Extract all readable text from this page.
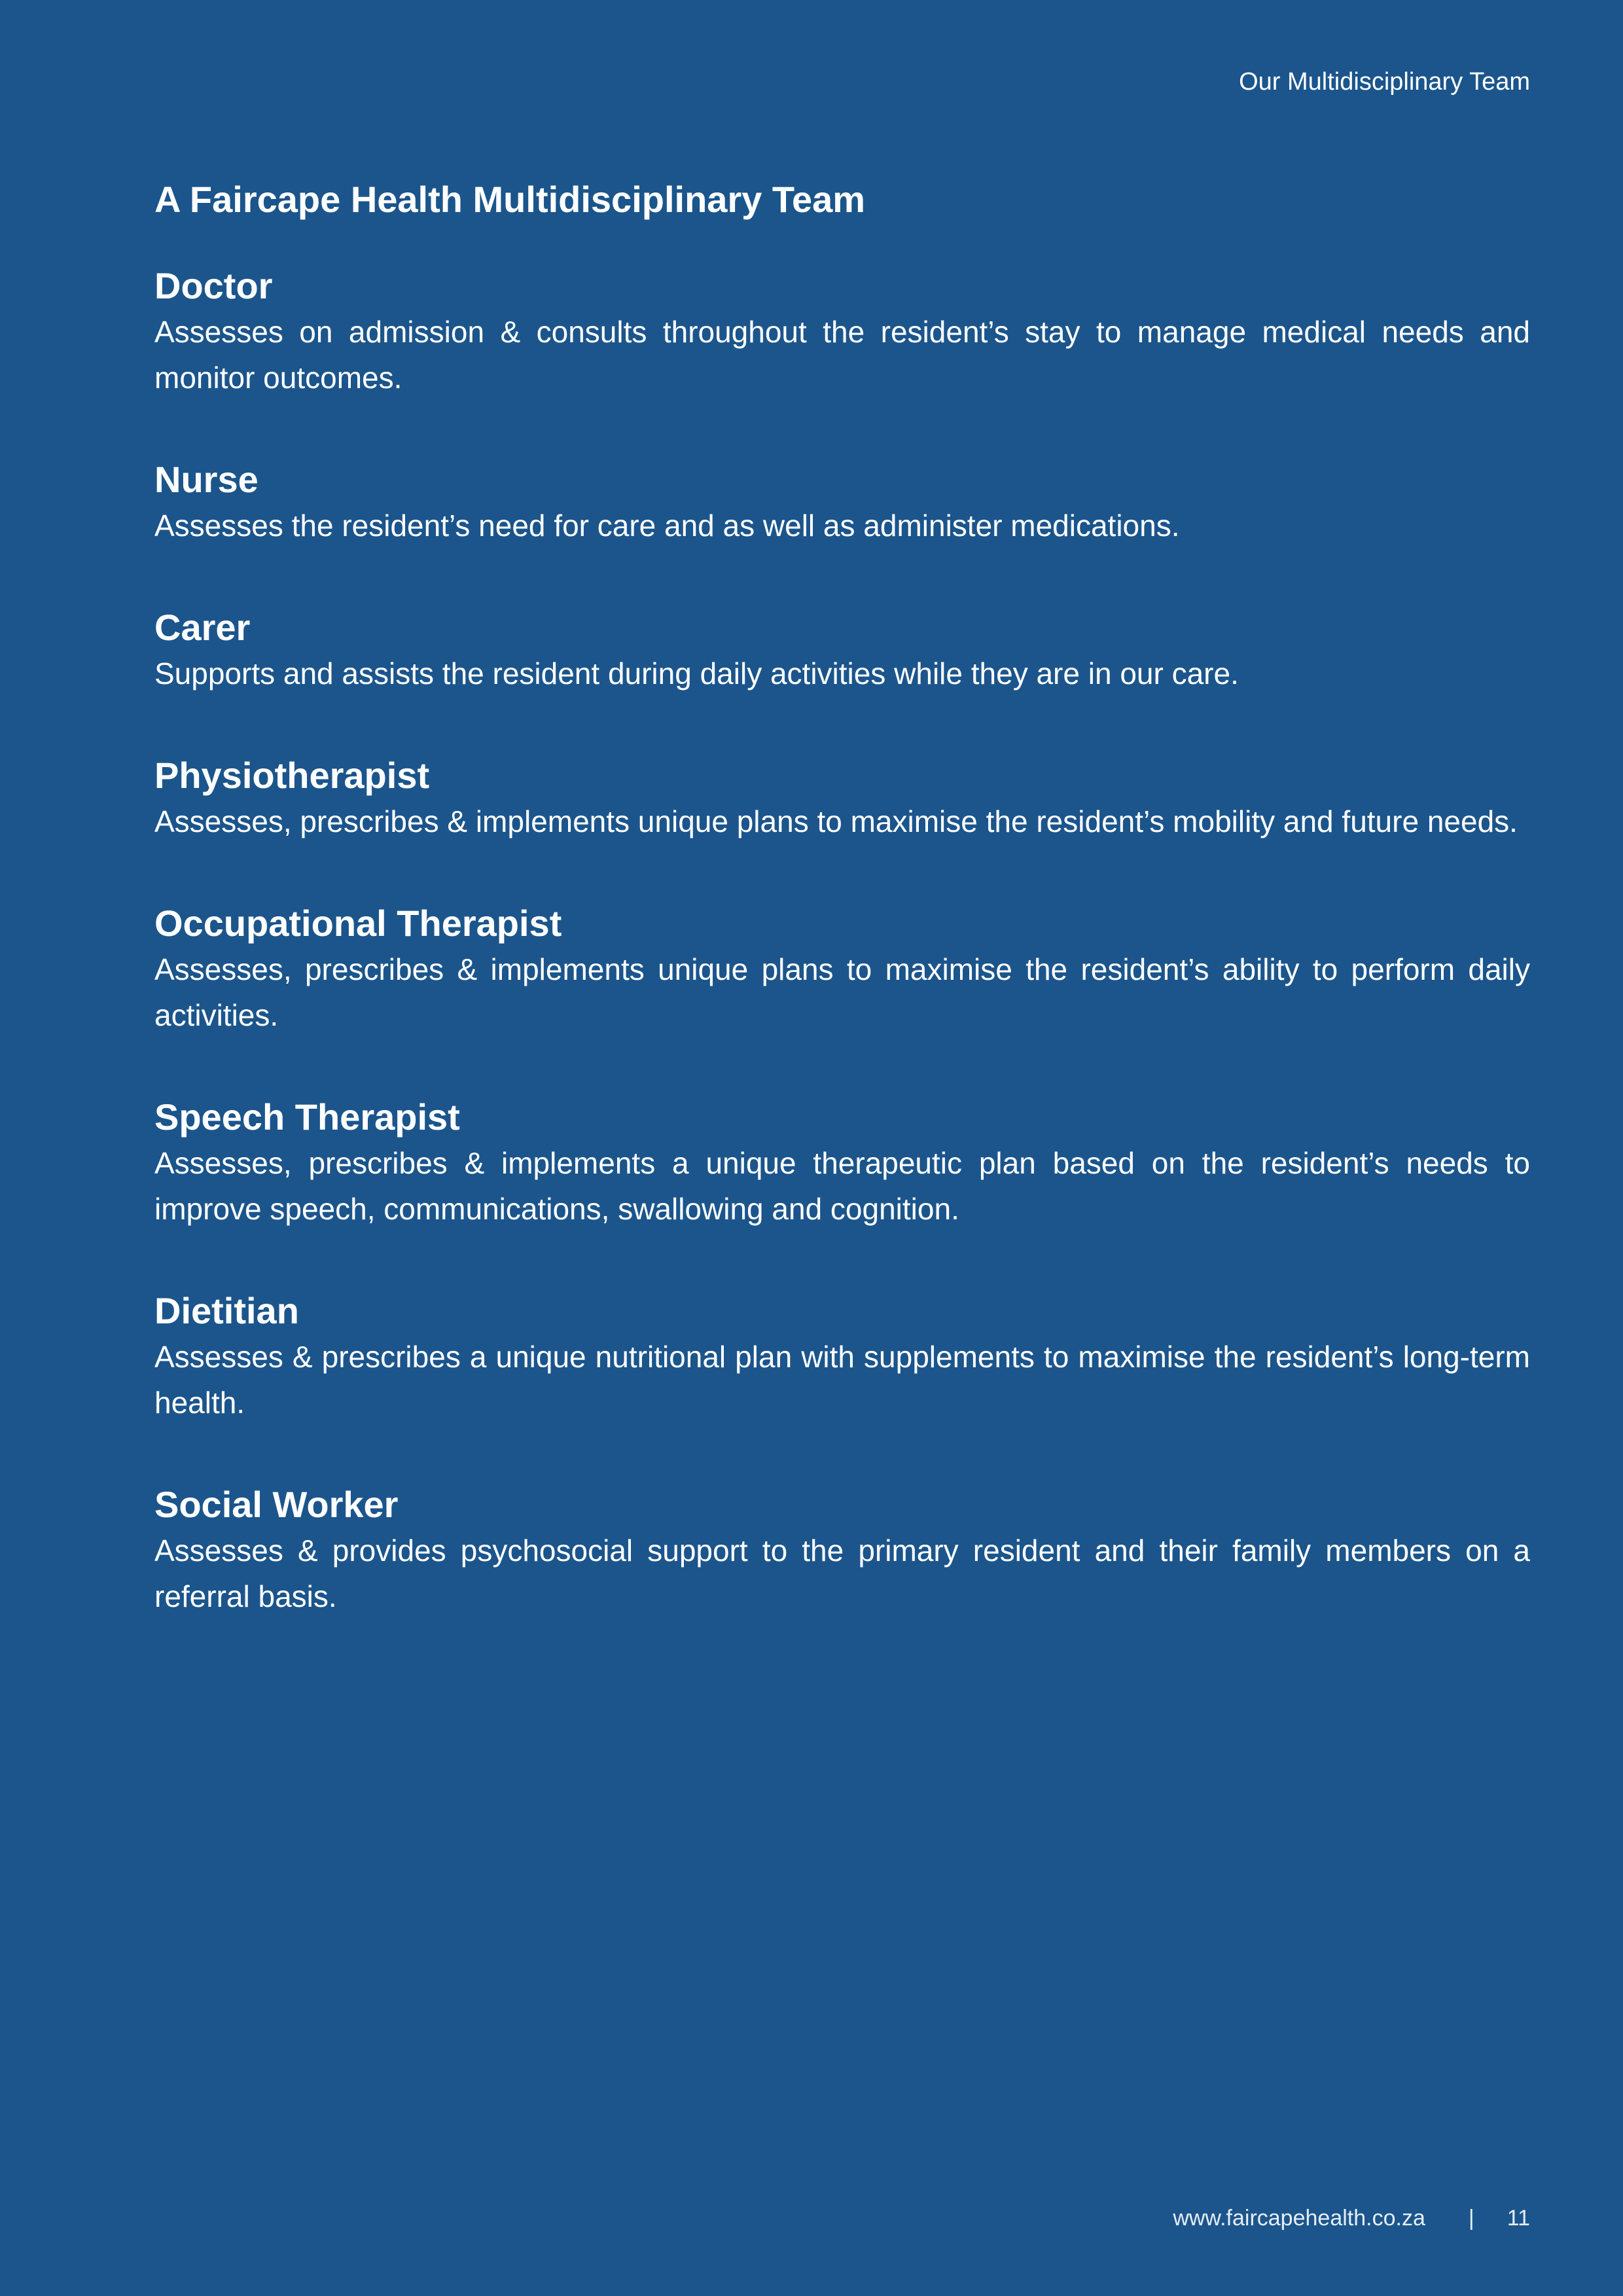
Our Multidisciplinary Team
A Faircape Health Multidisciplinary Team
Doctor

Assesses on admission & consults throughout the resident’s stay to manage medical needs and monitor outcomes.

Nurse

Assesses the resident’s need for care and as well as administer medications.

Carer

Supports and assists the resident during daily activities while they are in our care.

Physiotherapist

Assesses, prescribes & implements unique plans to maximise the resident’s mobility and future needs.

Occupational Therapist

Assesses, prescribes & implements unique plans to maximise the resident’s ability to perform daily activities.

Speech Therapist

Assesses, prescribes & implements a unique therapeutic plan based on the resident’s needs to improve speech, communications, swallowing and cognition.

Dietitian

Assesses & prescribes a unique nutritional plan with supplements to maximise the resident’s long-term health.

Social Worker

Assesses & provides psychosocial support to the primary resident and their family members on a referral basis.

www.faircapehealth.co.za | 11
